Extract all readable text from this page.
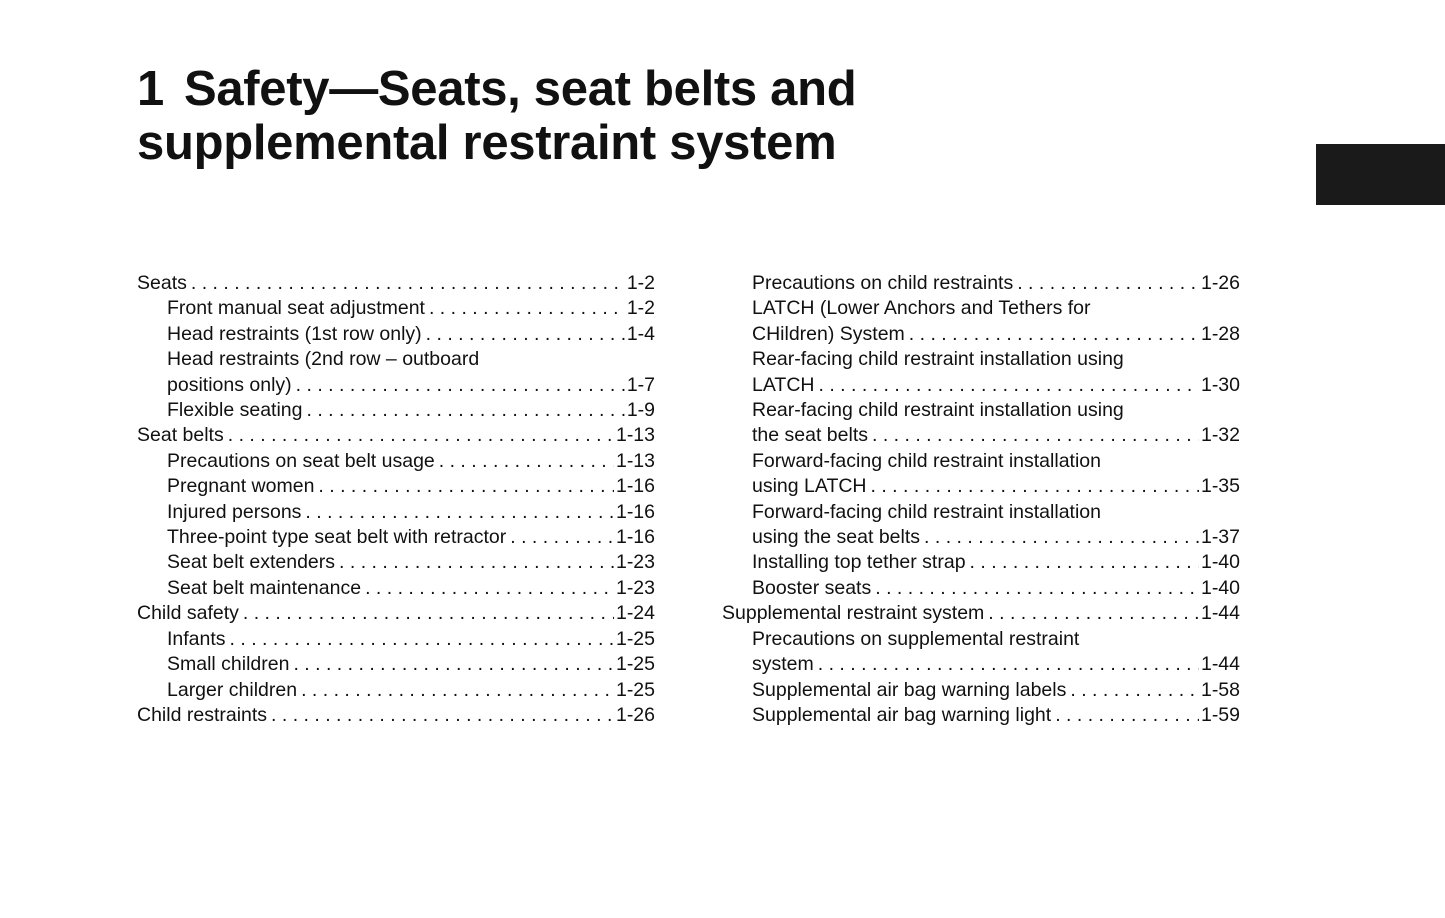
1 Safety—Seats, seat belts and
supplemental restraint system
Seats . . .	1-2
Front manual seat adjustment . . .	1-2
Head restraints (1st row only) . . .	1-4
Head restraints (2nd row – outboard
positions only) . . .	1-7
Flexible seating . . .	1-9
Seat belts . . .	1-13
Precautions on seat belt usage . . .	1-13
Pregnant women . . .	1-16
Injured persons . . .	1-16
Three-point type seat belt with retractor . . .	1-16
Seat belt extenders . . .	1-23
Seat belt maintenance . . .	1-23
Child safety . . .	1-24
Infants . . .	1-25
Small children . . .	1-25
Larger children . . .	1-25
Child restraints . . .	1-26
Precautions on child restraints . . .	1-26
LATCH (Lower Anchors and Tethers for
CHildren) System . . .	1-28
Rear-facing child restraint installation using
LATCH . . .	1-30
Rear-facing child restraint installation using
the seat belts . . .	1-32
Forward-facing child restraint installation
using LATCH . . .	1-35
Forward-facing child restraint installation
using the seat belts . . .	1-37
Installing top tether strap . . .	1-40
Booster seats . . .	1-40
Supplemental restraint system . . .	1-44
Precautions on supplemental restraint
system . . .	1-44
Supplemental air bag warning labels . . .	1-58
Supplemental air bag warning light . . .	1-59
